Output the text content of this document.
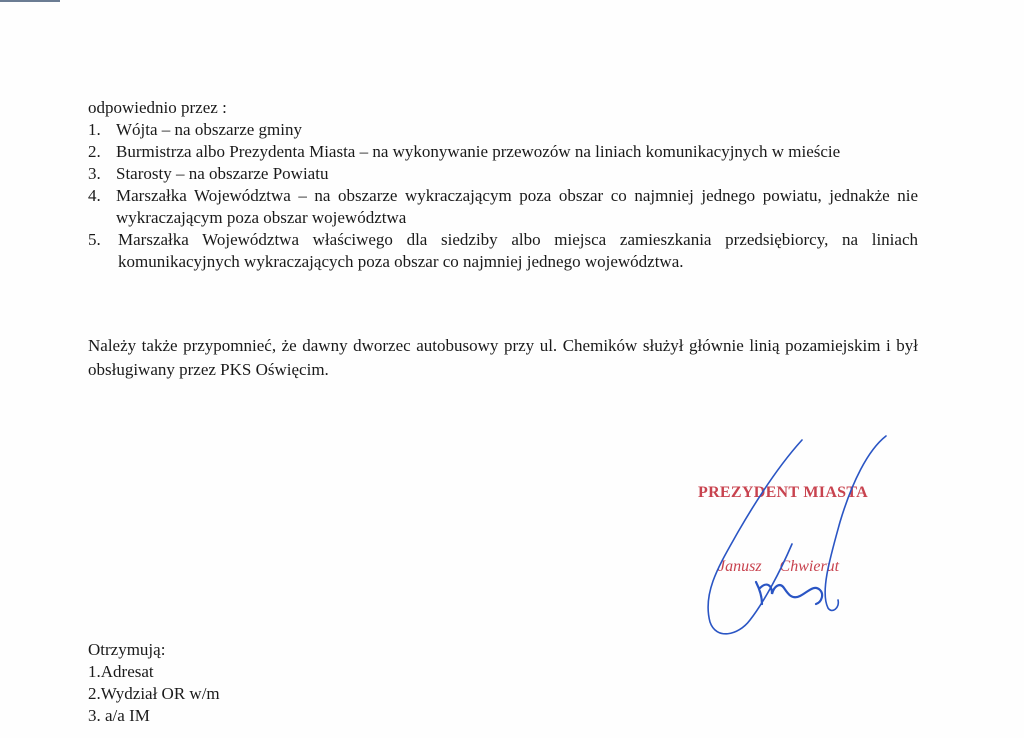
odpowiednio przez :
1. Wójta – na obszarze gminy
2. Burmistrza albo Prezydenta Miasta – na wykonywanie przewozów na liniach komunikacyjnych w mieście
3. Starosty – na obszarze Powiatu
4. Marszałka Województwa – na obszarze wykraczającym poza obszar co najmniej jednego powiatu, jednakże nie wykraczającym poza obszar województwa
5. Marszałka Województwa właściwego dla siedziby albo miejsca zamieszkania przedsiębiorcy, na liniach komunikacyjnych wykraczających poza obszar co najmniej jednego województwa.
Należy także przypomnieć, że dawny dworzec autobusowy przy ul. Chemików służył głównie linią pozamiejskim i był obsługiwany przez PKS Oświęcim.
PREZYDENT MIASTA
Janusz Chwierut
Otrzymują:
1.Adresat
2.Wydział OR w/m
3. a/a IM
